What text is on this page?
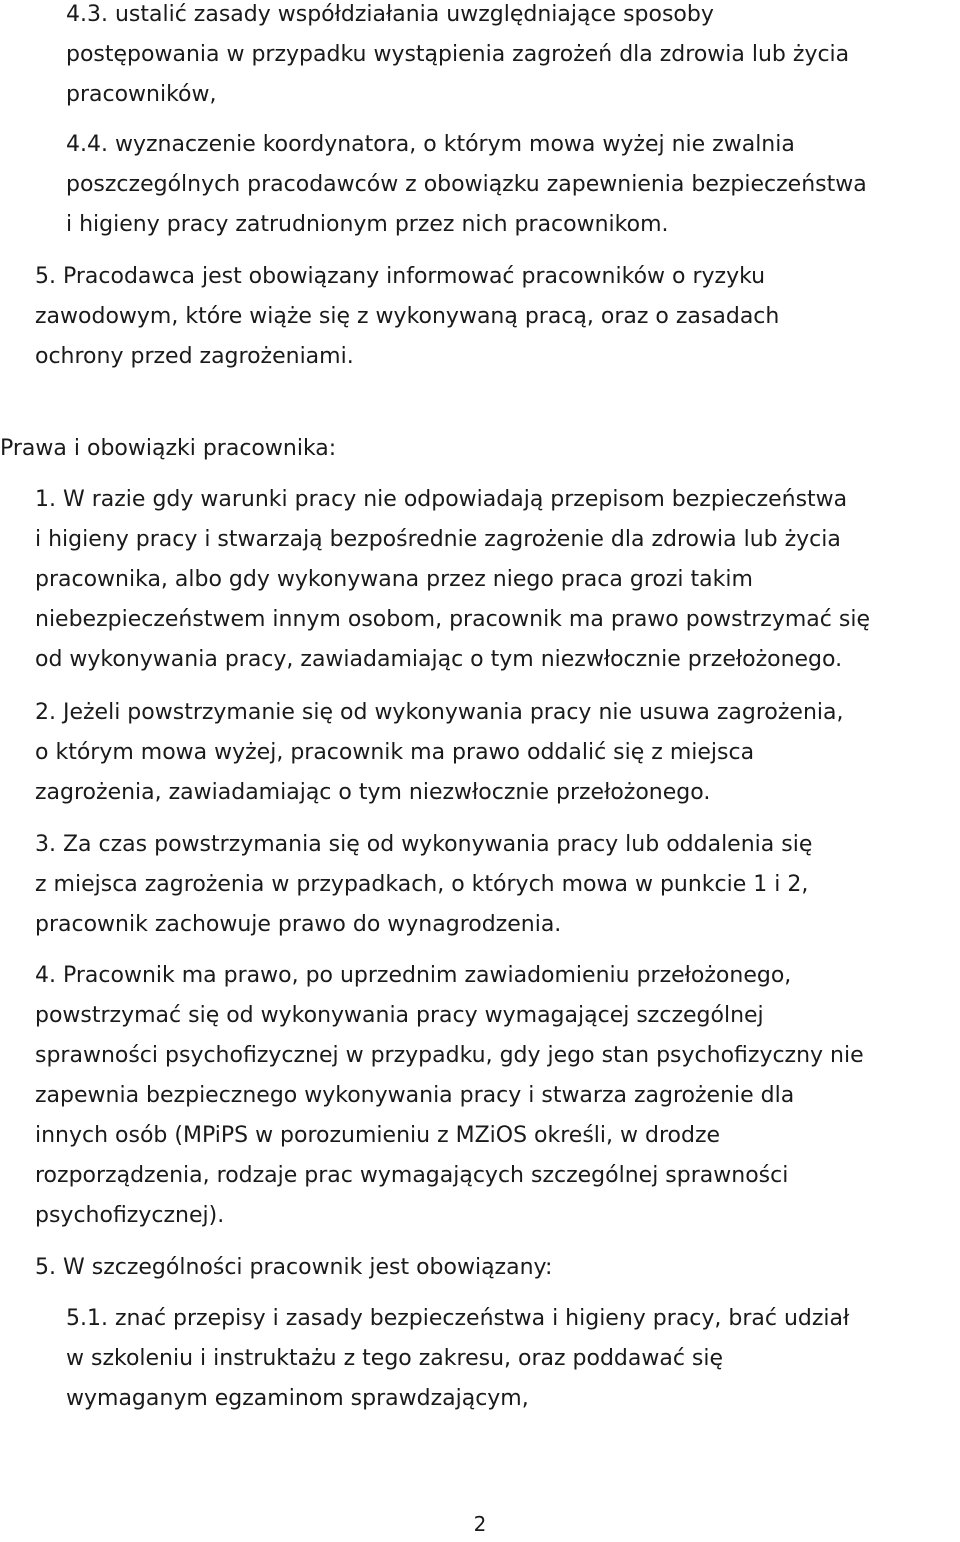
4.3. ustalić zasady współdziałania uwzględniające sposoby
postępowania w przypadku wystąpienia zagrożeń dla zdrowia lub życia
pracowników,
4.4. wyznaczenie koordynatora, o którym mowa wyżej nie zwalnia
poszczególnych pracodawców z obowiązku zapewnienia bezpieczeństwa
i higieny pracy zatrudnionym przez nich pracownikom.
5. Pracodawca jest obowiązany informować pracowników o ryzyku
zawodowym, które wiąże się z wykonywaną pracą, oraz o zasadach
ochrony przed zagrożeniami.
Prawa i obowiązki pracownika:
1. W razie gdy warunki pracy nie odpowiadają przepisom bezpieczeństwa
i higieny pracy i stwarzają bezpośrednie zagrożenie dla zdrowia lub życia
pracownika, albo gdy wykonywana przez niego praca grozi takim
niebezpieczeństwem innym osobom, pracownik ma prawo powstrzymać się
od wykonywania pracy, zawiadamiając o tym niezwłocznie przełożonego.
2. Jeżeli powstrzymanie się od wykonywania pracy nie usuwa zagrożenia,
o którym mowa wyżej, pracownik ma prawo oddalić się z miejsca
zagrożenia, zawiadamiając o tym niezwłocznie przełożonego.
3. Za czas powstrzymania się od wykonywania pracy lub oddalenia się
z miejsca zagrożenia w przypadkach, o których mowa w punkcie 1 i 2,
pracownik zachowuje prawo do wynagrodzenia.
4. Pracownik ma prawo, po uprzednim zawiadomieniu przełożonego,
powstrzymać się od wykonywania pracy wymagającej szczególnej
sprawności psychofizycznej w przypadku, gdy jego stan psychofizyczny nie
zapewnia bezpiecznego wykonywania pracy i stwarza zagrożenie dla
innych osób (MPiPS w porozumieniu z MZiOS określi, w drodze
rozporządzenia, rodzaje prac wymagających szczególnej sprawności
psychofizycznej).
5. W szczególności pracownik jest obowiązany:
5.1. znać przepisy i zasady bezpieczeństwa i higieny pracy, brać udział
w szkoleniu i instruktażu z tego zakresu, oraz poddawać się
wymaganym egzaminom sprawdzającym,
2
